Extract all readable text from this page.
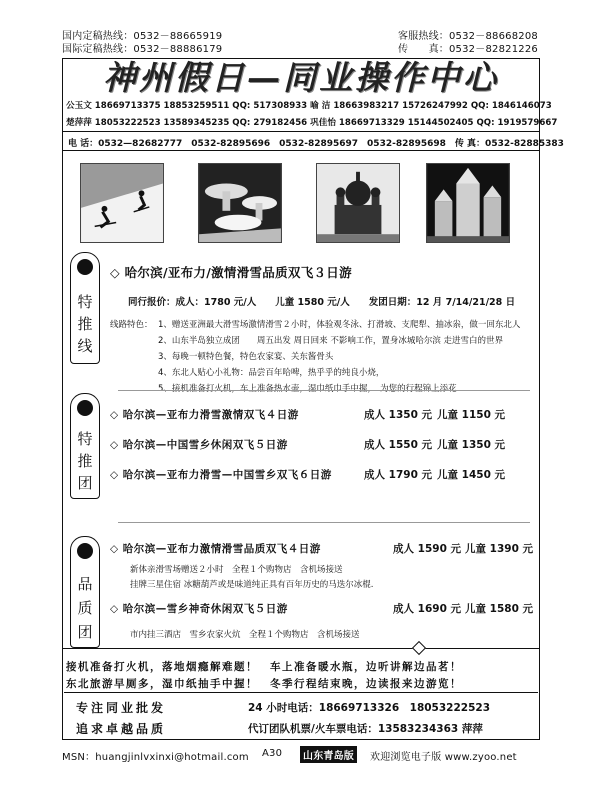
国内定稿热线：0532－88665919
国际定稿热线：0532－88886179
客服热线：0532－88668208
传　　真：0532－82821226
神州假日—同业操作中心
公玉文 18669713375 18853259511 QQ: 517308933 喻 洁 18663983217 15726247992 QQ: 1846146073
楚萍萍 18053222523 13589345235 QQ: 279182456 巩佳怡 18669713329 15144502405 QQ: 1919579667
电 话：0532—82682777　0532-82895696　0532-82895697　0532-82895698　传 真：0532-82885383
特
推
线
◇ 哈尔滨/亚布力/激情滑雪品质双飞３日游
同行报价：成人：1780 元/人　　儿童 1580 元/人　　发团日期：12 月 7/14/21/28 日
线路特色： 1、赠送亚洲最大滑雪场激情滑雪２小时，体验观冬泳、打滑坡、支爬犁、抽冰尜，做一回东北人
2、山东半岛独立成团　　周五出发 周日回来 不影响工作，置身冰城哈尔滨 走进雪白的世界
3、每晚一顿特色餐，特色农家宴、关东酱骨头
4、东北人贴心小礼物：品尝百年哈啤，热乎乎的纯良小烧，
5、接机准备打火机，车上准备热水壶，湿巾纸巾手中握，　为您的行程锦上添花
特
推
团
◇ 哈尔滨—亚布力滑雪激情双飞４日游	成人 1350 元 儿童 1150 元
◇ 哈尔滨—中国雪乡休闲双飞５日游	成人 1550 元 儿童 1350 元
◇ 哈尔滨—亚布力滑雪—中国雪乡双飞６日游	成人 1790 元 儿童 1450 元
品
质
团
◇ 哈尔滨—亚布力激情滑雪品质双飞４日游	成人 1590 元 儿童 1390 元
新体亲滑雪场赠送２小时　全程１个购物店　含机场接送
挂牌三星住宿 冰糖葫芦或是味道纯正具有百年历史的马迭尔冰棍.
◇ 哈尔滨—雪乡神奇休闲双飞５日游	成人 1690 元 儿童 1580 元
市内挂三酒店　雪乡农家火炕　全程１个购物店　含机场接送
接机准备打火机，落地烟瘾解难题！　车上准备暖水瓶，边听讲解边品茗！
东北旅游早厕多，湿巾纸抽手中握！　冬季行程结束晚，边读报来边游览！
专注同业批发
追求卓越品质
24 小时电话：18669713326　18053222523
代订团队机票/火车票电话：13583234363 萍萍
MSN：huangjinlvxinxi@hotmail.com A30	山东青岛版	欢迎浏览电子版 www.zyoo.net
